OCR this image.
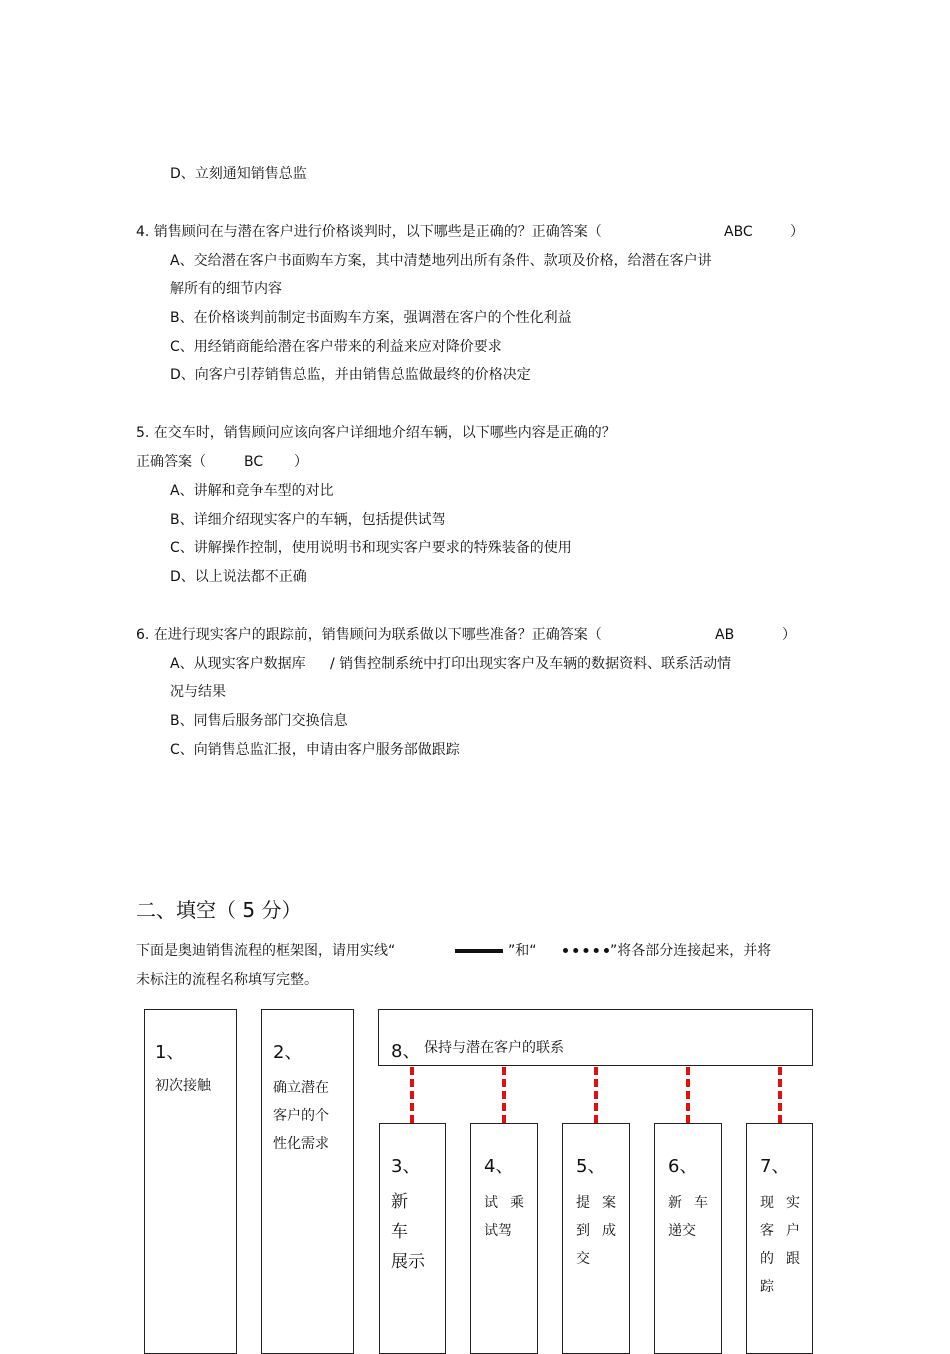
D、立刻通知销售总监
4. 销售顾问在与潜在客户进行价格谈判时，以下哪些是正确的？正确答案（	ABC	）
A、交给潜在客户书面购车方案，其中清楚地列出所有条件、款项及价格，给潜在客户讲
解所有的细节内容
B、在价格谈判前制定书面购车方案，强调潜在客户的个性化利益
C、用经销商能给潜在客户带来的利益来应对降价要求
D、向客户引荐销售总监，并由销售总监做最终的价格决定
5. 在交车时，销售顾问应该向客户详细地介绍车辆，以下哪些内容是正确的？
正确答案（	BC ）
A、讲解和竞争车型的对比
B、详细介绍现实客户的车辆，包括提供试驾
C、讲解操作控制，使用说明书和现实客户要求的特殊装备的使用
D、以上说法都不正确
6. 在进行现实客户的跟踪前，销售顾问为联系做以下哪些准备？正确答案（	AB	）
A、从现实客户数据库 / 销售控制系统中打印出现实客户及车辆的数据资料、联系活动情
况与结果
B、同售后服务部门交换信息
C、向销售总监汇报，申请由客户服务部做跟踪
二、填空（ 5 分）
下面是奥迪销售流程的框架图，请用实线“	”和“	”将各部分连接起来，并将
未标注的流程名称填写完整。
1、
初次接触
2、
确立潜在
客户的个
性化需求
8、 保持与潜在客户的联系
3、
新车
展示
4、
试乘
试驾
5、
提案
到成
交
6、
新车
递交
7、
现实
客户
的跟
踪
